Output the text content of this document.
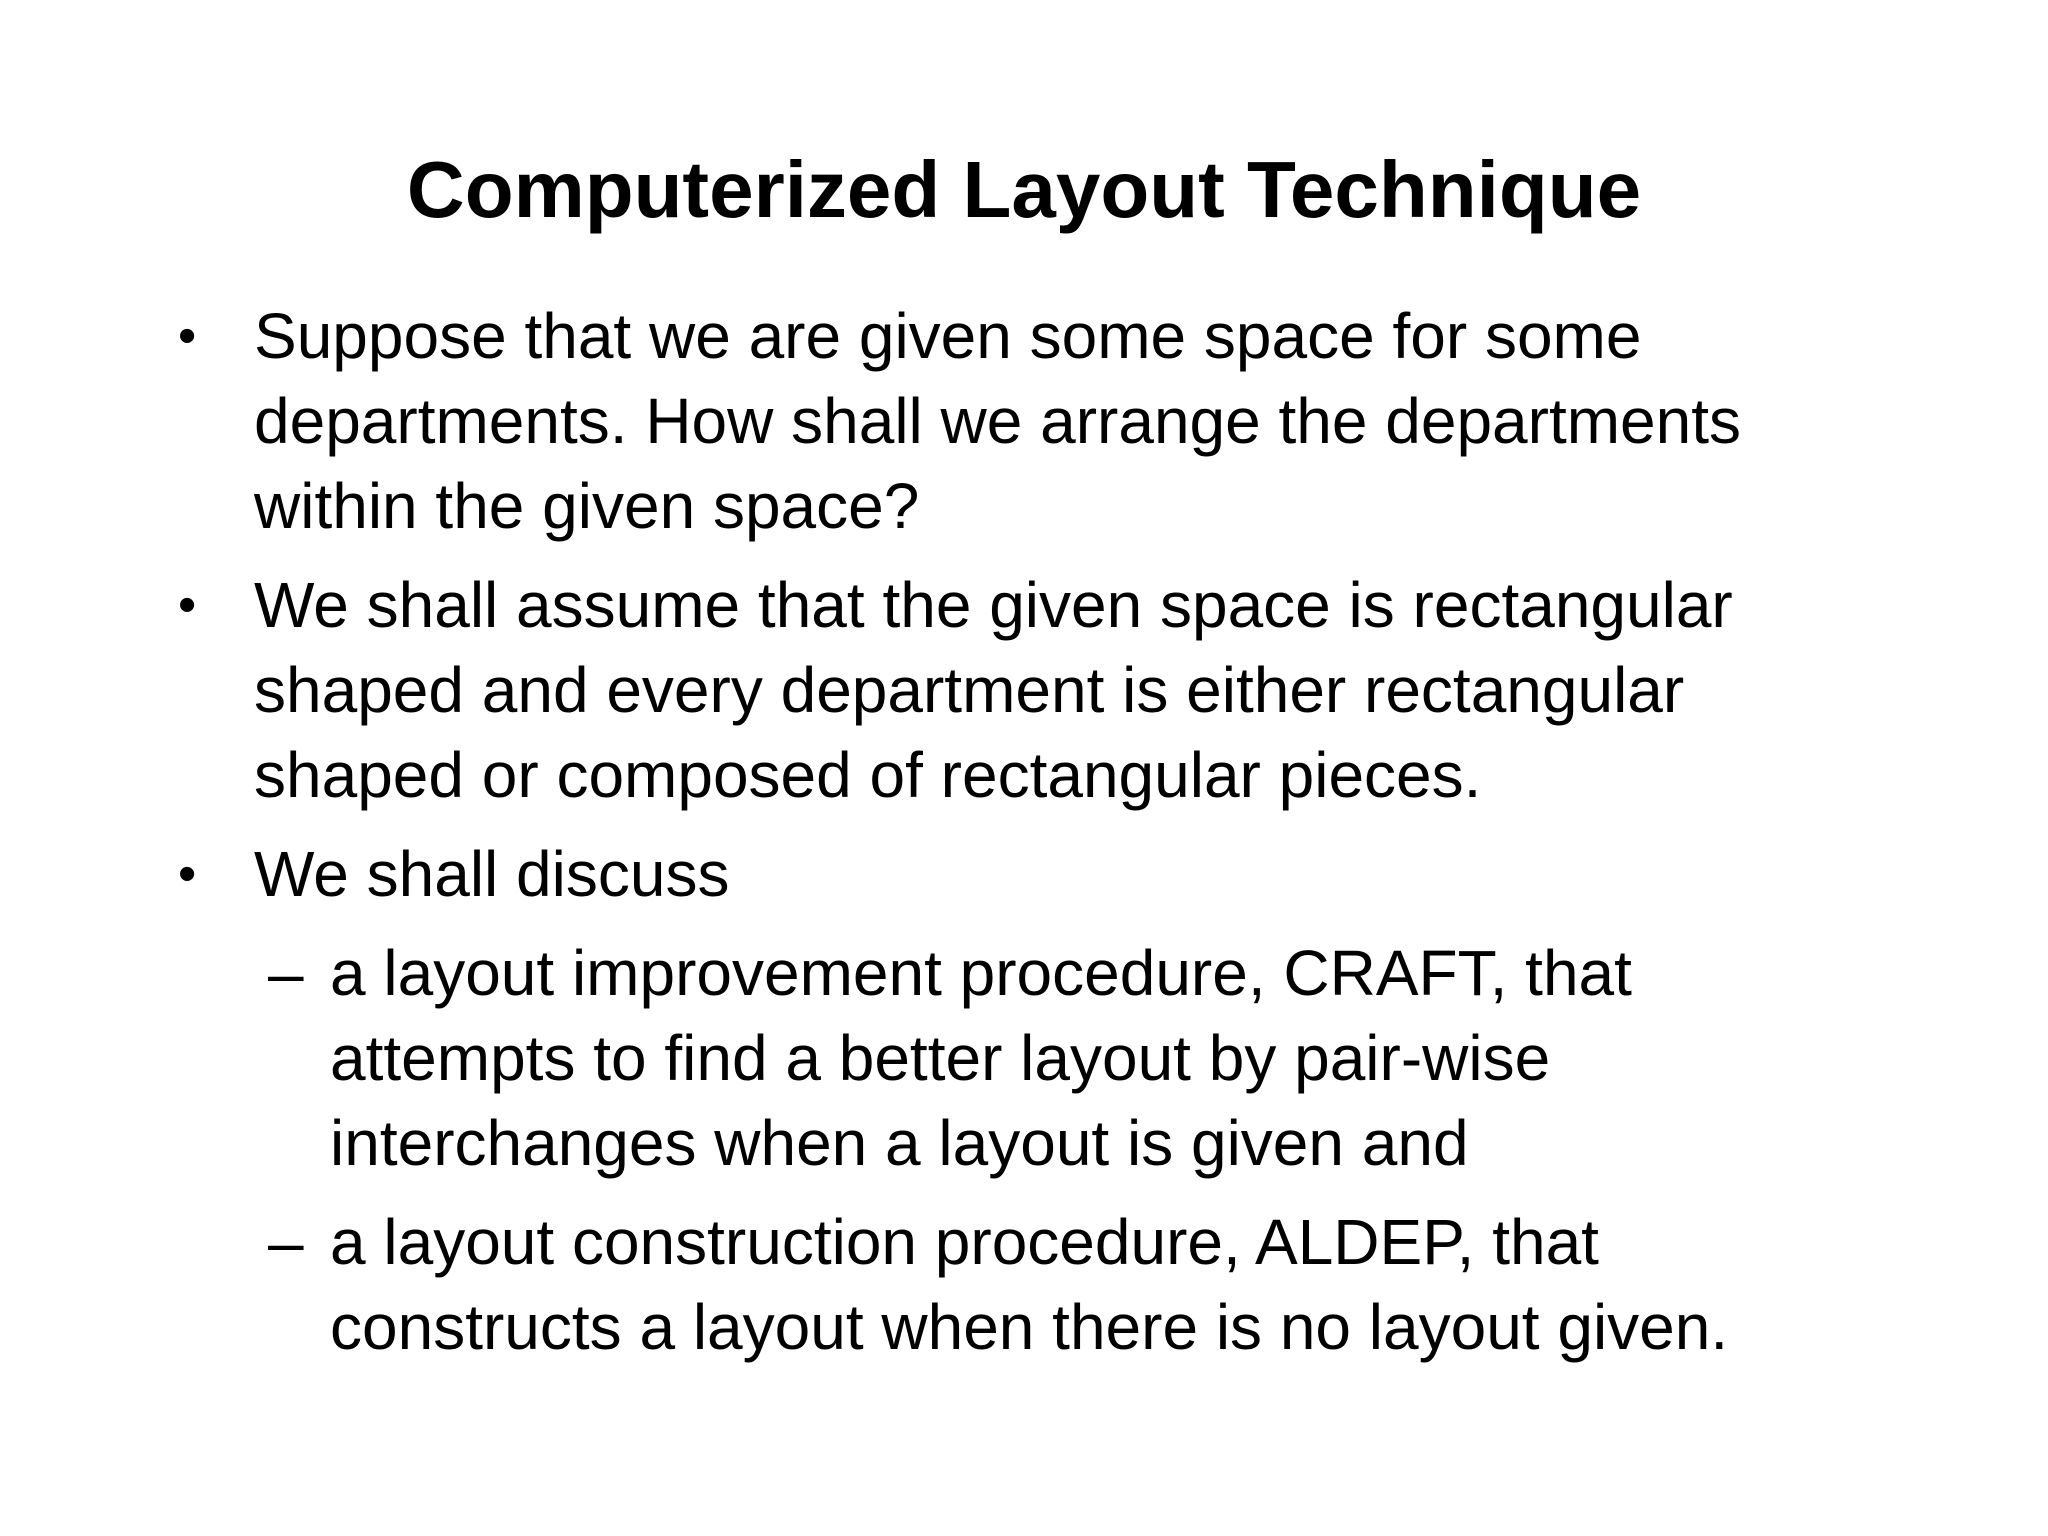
Computerized Layout Technique
• Suppose that we are given some space for some
departments. How shall we arrange the departments
within the given space?
• We shall assume that the given space is rectangular
shaped and every department is either rectangular
shaped or composed of rectangular pieces.
• We shall discuss
– a layout improvement procedure, CRAFT, that
attempts to find a better layout by pair-wise
interchanges when a layout is given and
– a layout construction procedure, ALDEP, that
constructs a layout when there is no layout given.
